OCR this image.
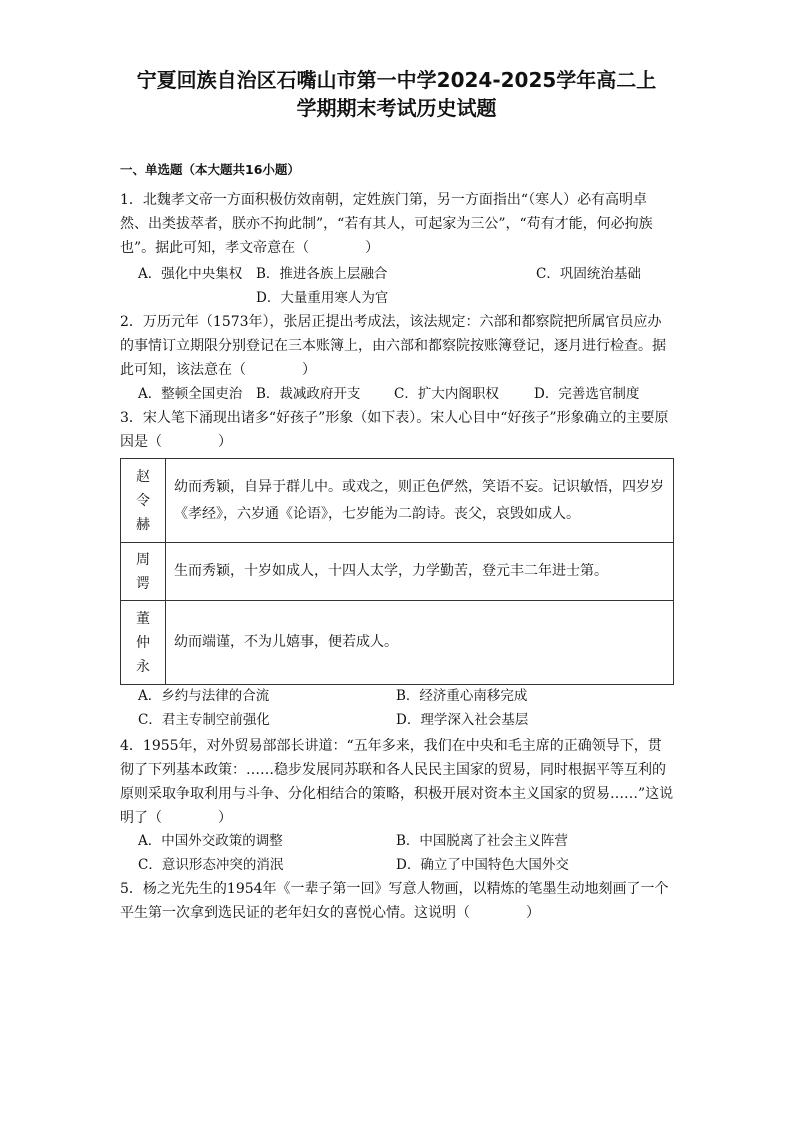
宁夏回族自治区石嘴山市第一中学2024-2025学年高二上
学期期末考试历史试题
一、单选题（本大题共16小题）

1．北魏孝文帝一方面积极仿效南朝，定姓族门第，另一方面指出“（寒人）必有高明卓然、出类拔萃者，朕亦不拘此制”，“若有其人，可起家为三公”，“苟有才能，何必拘族也”。据此可知，孝文帝意在（　　　　）

A．强化中央集权 B．推进各族上层融合	C．巩固统治基础
D．大量重用寒人为官

2．万历元年（1573年），张居正提出考成法，该法规定：六部和都察院把所属官员应办的事情订立期限分别登记在三本账簿上，由六部和都察院按账簿登记，逐月进行检查。据此可知，该法意在（　　　　）

A．整顿全国吏治 B．裁减政府开支 C．扩大内阁职权	D．完善选官制度

3．宋人笔下涌现出诸多“好孩子”形象（如下表）。宋人心目中“好孩子”形象确立的主要原因是（　　　　）

赵
令
赫	幼而秀颖，自异于群儿中。或戏之，则正色俨然，笑语不妄。记识敏悟，四岁岁《孝经》，六岁通《论语》，七岁能为二韵诗。丧父，哀毁如成人。
周
谔	生而秀颖，十岁如成人，十四人太学，力学勤苦，登元丰二年进士第。
董
仲
永	幼而端谨，不为儿嬉事，便若成人。
A．乡约与法律的合流	B．经济重心南移完成
C．君主专制空前强化	D．理学深入社会基层

4．1955年，对外贸易部部长讲道：“五年多来，我们在中央和毛主席的正确领导下，贯彻了下列基本政策：……稳步发展同苏联和各人民民主国家的贸易，同时根据平等互利的原则采取争取利用与斗争、分化相结合的策略，积极开展对资本主义国家的贸易……”这说明了（　　　　）

A．中国外交政策的调整	B．中国脱离了社会主义阵营
C．意识形态冲突的消泯	D．确立了中国特色大国外交

5．杨之光先生的1954年《一辈子第一回》写意人物画，以精炼的笔墨生动地刻画了一个平生第一次拿到选民证的老年妇女的喜悦心情。这说明（　　　　）
